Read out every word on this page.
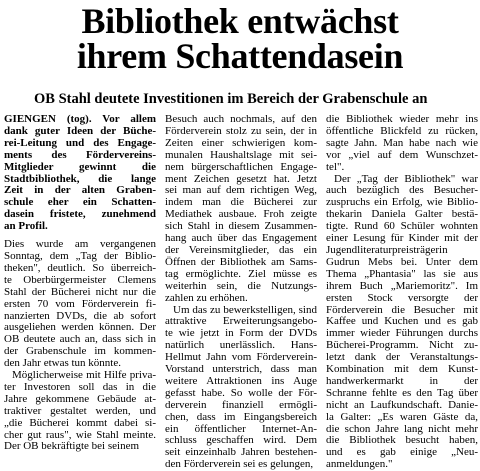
Bibliothek entwächst
ihrem Schattendasein
OB Stahl deutete Investitionen im Bereich der Grabenschule an
GIENGEN (tog). Vor allem
dank guter Ideen der Büche-
rei-Leitung und des Engage-
ments des Fördervereins-
Mitglieder gewinnt die
Stadtbibliothek, die lange
Zeit in der alten Graben-
schule eher ein Schatten-
dasein fristete, zunehmend
an Profil.
Dies wurde am vergangenen
Sonntag, dem „Tag der Biblio-
theken", deutlich. So überreich-
te Oberbürgermeister Clemens
Stahl der Bücherei nicht nur die
ersten 70 vom Förderverein fi-
nanzierten DVDs, die ab sofort
ausgeliehen werden können. Der
OB deutete auch an, dass sich in
der Grabenschule im kommen-
den Jahr etwas tun könnte.
Möglicherweise mit Hilfe priva-
ter Investoren soll das in die
Jahre gekommene Gebäude at-
traktiver gestaltet werden, und
„die Bücherei kommt dabei si-
cher gut raus", wie Stahl meinte.
Der OB bekräftigte bei seinem
Besuch auch nochmals, auf den
Förderverein stolz zu sein, der in
Zeiten einer schwierigen kom-
munalen Haushaltslage mit sei-
nem bürgerschaftlichen Engage-
ment Zeichen gesetzt hat. Jetzt
sei man auf dem richtigen Weg,
indem man die Bücherei zur
Mediathek ausbaue. Froh zeigte
sich Stahl in diesem Zusammen-
hang auch über das Engagement
der Vereinsmitglieder, das ein
Öffnen der Bibliothek am Sams-
tag ermöglichte. Ziel müsse es
weiterhin sein, die Nutzungs-
zahlen zu erhöhen.
Um das zu bewerkstelligen, sind
attraktive Erweiterungsangebo-
te wie jetzt in Form der DVDs
natürlich unerlässlich. Hans-
Hellmut Jahn vom Förderverein-
Vorstand unterstrich, dass man
weitere Attraktionen ins Auge
gefasst habe. So wolle der För-
derverein finanziell ermögli-
chen, dass im Eingangsbereich
ein öffentlicher Internet-An-
schluss geschaffen wird. Dem
seit einzeinhalb Jahren bestehen-
den Förderverein sei es gelungen,
die Bibliothek wieder mehr ins
öffentliche Blickfeld zu rücken,
sagte Jahn. Man habe nach wie
vor „viel auf dem Wunschzet-
tel".
Der „Tag der Bibliothek" war
auch bezüglich des Besucher-
zuspruchs ein Erfolg, wie Biblio-
thekarin Daniela Galter bestä-
tigte. Rund 60 Schüler wohnten
einer Lesung für Kinder mit der
Jugendliteraturpreisträgerin
Gudrun Mebs bei. Unter dem
Thema „Phantasia" las sie aus
ihrem Buch „Mariemoritz". Im
ersten Stock versorgte der
Förderverein die Besucher mit
Kaffee und Kuchen und es gab
immer wieder Führungen durchs
Bücherei-Programm. Nicht zu-
letzt dank der Veranstaltungs-
Kombination mit dem Kunst-
handwerkermarkt in der
Schranne fehlte es den Tag über
nicht an Laufkundschaft. Danie-
la Galter: „Es waren Gäste da,
die schon Jahre lang nicht mehr
die Bibliothek besucht haben,
und es gab einige „Neu-
anmeldungen."
